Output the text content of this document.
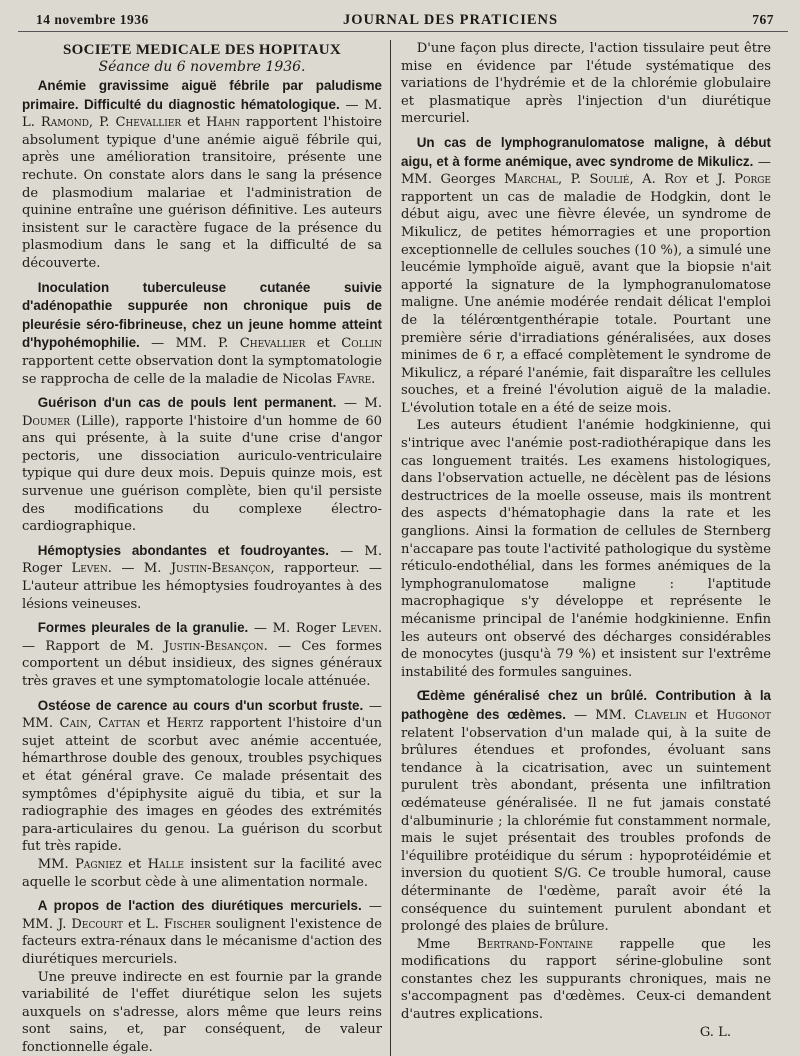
14 novembre 1936	JOURNAL DES PRATICIENS	767
SOCIETE MEDICALE DES HOPITAUX
Séance du 6 novembre 1936.

Anémie gravissime aiguë fébrile par paludisme primaire. Difficulté du diagnostic hématologique. — M. L. Ramond, P. Chevallier et Hahn rapportent l'histoire absolument typique d'une anémie aiguë fébrile qui, après une amélioration transitoire, présente une rechute. On constate alors dans le sang la présence de plasmodium malariae et l'administration de quinine entraîne une guérison définitive. Les auteurs insistent sur le caractère fugace de la présence du plasmodium dans le sang et la difficulté de sa découverte.

Inoculation tuberculeuse cutanée suivie d'adénopathie suppurée non chronique puis de pleurésie séro-fibrineuse, chez un jeune homme atteint d'hypohémophilie. — MM. P. Chevallier et Collin rapportent cette observation dont la symptomatologie se rapprocha de celle de la maladie de Nicolas Favre.

Guérison d'un cas de pouls lent permanent. — M. Doumer (Lille), rapporte l'histoire d'un homme de 60 ans qui présente, à la suite d'une crise d'angor pectoris, une dissociation auriculo-ventriculaire typique qui dure deux mois. Depuis quinze mois, est survenue une guérison complète, bien qu'il persiste des modifications du complexe électro-cardiographique.

Hémoptysies abondantes et foudroyantes. — M. Roger Leven. — M. Justin-Besançon, rapporteur. — L'auteur attribue les hémoptysies foudroyantes à des lésions veineuses.

Formes pleurales de la granulie. — M. Roger Leven. — Rapport de M. Justin-Besançon. — Ces formes comportent un début insidieux, des signes généraux très graves et une symptomatologie locale atténuée.

Ostéose de carence au cours d'un scorbut fruste. — MM. Cain, Cattan et Hertz rapportent l'histoire d'un sujet atteint de scorbut avec anémie accentuée, hémarthrose double des genoux, troubles psychiques et état général grave. Ce malade présentait des symptômes d'épiphysite aiguë du tibia, et sur la radiographie des images en géodes des extrémités para-articulaires du genou. La guérison du scorbut fut très rapide.

MM. Pagniez et Halle insistent sur la facilité avec aquelle le scorbut cède à une alimentation normale.

A propos de l'action des diurétiques mercuriels. — MM. J. Decourt et L. Fischer soulignent l'existence de facteurs extra-rénaux dans le mécanisme d'action des diurétiques mercuriels.

Une preuve indirecte en est fournie par la grande variabilité de l'effet diurétique selon les sujets auxquels on s'adresse, alors même que leurs reins sont sains, et, par conséquent, de valeur fonctionnelle égale.

D'une façon plus directe, l'action tissulaire peut être mise en évidence par l'étude systématique des variations de l'hydrémie et de la chlorémie globulaire et plasmatique après l'injection d'un diurétique mercuriel.

Un cas de lymphogranulomatose maligne, à début aigu, et à forme anémique, avec syndrome de Mikulicz. — MM. Georges Marchal, P. Soulié, A. Roy et J. Porge rapportent un cas de maladie de Hodgkin, dont le début aigu, avec une fièvre élevée, un syndrome de Mikulicz, de petites hémorragies et une proportion exceptionnelle de cellules souches (10 %), a simulé une leucémie lymphoïde aiguë, avant que la biopsie n'ait apporté la signature de la lymphogranulomatose maligne. Une anémie modérée rendait délicat l'emploi de la télérœntgenthérapie totale. Pourtant une première série d'irradiations généralisées, aux doses minimes de 6 r, a effacé complètement le syndrome de Mikulicz, a réparé l'anémie, fait disparaître les cellules souches, et a freiné l'évolution aiguë de la maladie. L'évolution totale en a été de seize mois.

Les auteurs étudient l'anémie hodgkinienne, qui s'intrique avec l'anémie post-radiothérapique dans les cas longuement traités. Les examens histologiques, dans l'observation actuelle, ne décèlent pas de lésions destructrices de la moelle osseuse, mais ils montrent des aspects d'hématophagie dans la rate et les ganglions. Ainsi la formation de cellules de Sternberg n'accapare pas toute l'activité pathologique du système réticulo-endothélial, dans les formes anémiques de la lymphogranulomatose maligne : l'aptitude macrophagique s'y développe et représente le mécanisme principal de l'anémie hodgkinienne. Enfin les auteurs ont observé des décharges considérables de monocytes (jusqu'à 79 %) et insistent sur l'extrême instabilité des formules sanguines.

Œdème généralisé chez un brûlé. Contribution à la pathogène des œdèmes. — MM. Clavelin et Hugonot relatent l'observation d'un malade qui, à la suite de brûlures étendues et profondes, évoluant sans tendance à la cicatrisation, avec un suintement purulent très abondant, présenta une infiltration œdémateuse généralisée. Il ne fut jamais constaté d'albuminurie ; la chlorémie fut constamment normale, mais le sujet présentait des troubles profonds de l'équilibre protéidique du sérum : hypoprotéidémie et inversion du quotient S/G. Ce trouble humoral, cause déterminante de l'œdème, paraît avoir été la conséquence du suintement purulent abondant et prolongé des plaies de brûlure.

Mme Bertrand-Fontaine rappelle que les modifications du rapport sérine-globuline sont constantes chez les suppurants chroniques, mais ne s'accompagnent pas d'œdèmes. Ceux-ci demandent d'autres explications.

G. L.
